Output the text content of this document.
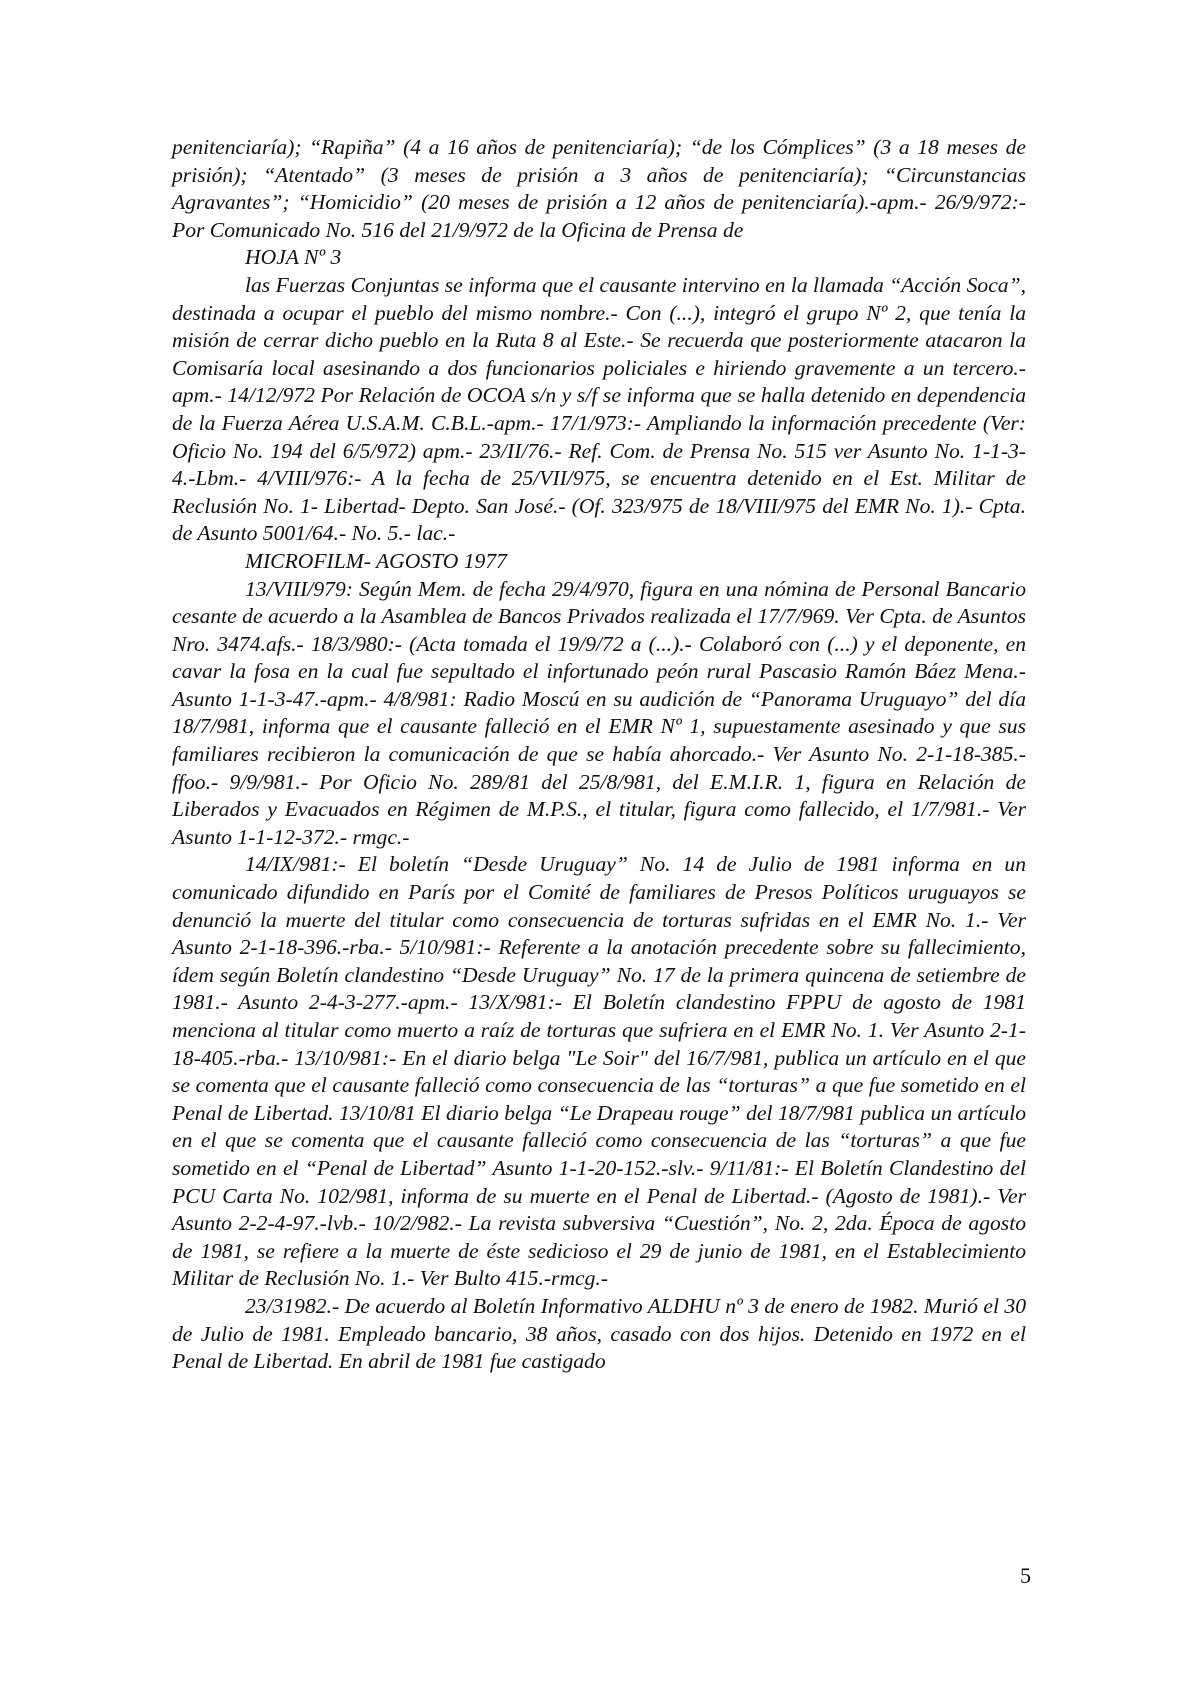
penitenciaría); “Rapiña” (4 a 16 años de penitenciaría); “de los Cómplices” (3 a 18 meses de prisión); “Atentado” (3 meses de prisión a 3 años de penitenciaría); “Circunstancias Agravantes”; “Homicidio” (20 meses de prisión a 12 años de penitenciaría).-apm.- 26/9/972:- Por Comunicado No. 516 del 21/9/972 de la Oficina de Prensa de

HOJA Nº 3

las Fuerzas Conjuntas se informa que el causante intervino en la llamada “Acción Soca”, destinada a ocupar el pueblo del mismo nombre.- Con (...), integró el grupo Nº 2, que tenía la misión de cerrar dicho pueblo en la Ruta 8 al Este.- Se recuerda que posteriormente atacaron la Comisaría local asesinando a dos funcionarios policiales e hiriendo gravemente a un tercero.- apm.- 14/12/972 Por Relación de OCOA s/n y s/f se informa que se halla detenido en dependencia de la Fuerza Aérea U.S.A.M. C.B.L.-apm.- 17/1/973:- Ampliando la información precedente (Ver: Oficio No. 194 del 6/5/972) apm.- 23/II/76.- Ref. Com. de Prensa No. 515 ver Asunto No. 1-1-3-4.-Lbm.- 4/VIII/976:- A la fecha de 25/VII/975, se encuentra detenido en el Est. Militar de Reclusión No. 1- Libertad- Depto. San José.- (Of. 323/975 de 18/VIII/975 del EMR No. 1).- Cpta. de Asunto 5001/64.- No. 5.- lac.-

MICROFILM- AGOSTO 1977

13/VIII/979: Según Mem. de fecha 29/4/970, figura en una nómina de Personal Bancario cesante de acuerdo a la Asamblea de Bancos Privados realizada el 17/7/969. Ver Cpta. de Asuntos Nro. 3474.afs.- 18/3/980:- (Acta tomada el 19/9/72 a (...).- Colaboró con (...) y el deponente, en cavar la fosa en la cual fue sepultado el infortunado peón rural Pascasio Ramón Báez Mena.- Asunto 1-1-3-47.-apm.- 4/8/981: Radio Moscú en su audición de “Panorama Uruguayo” del día 18/7/981, informa que el causante falleció en el EMR Nº 1, supuestamente asesinado y que sus familiares recibieron la comunicación de que se había ahorcado.- Ver Asunto No. 2-1-18-385.-ffoo.- 9/9/981.- Por Oficio No. 289/81 del 25/8/981, del E.M.I.R. 1, figura en Relación de Liberados y Evacuados en Régimen de M.P.S., el titular, figura como fallecido, el 1/7/981.- Ver Asunto 1-1-12-372.- rmgc.-

14/IX/981:- El boletín “Desde Uruguay” No. 14 de Julio de 1981 informa en un comunicado difundido en París por el Comité de familiares de Presos Políticos uruguayos se denunció la muerte del titular como consecuencia de torturas sufridas en el EMR No. 1.- Ver Asunto 2-1-18-396.-rba.- 5/10/981:- Referente a la anotación precedente sobre su fallecimiento, ídem según Boletín clandestino “Desde Uruguay” No. 17 de la primera quincena de setiembre de 1981.- Asunto 2-4-3-277.-apm.- 13/X/981:- El Boletín clandestino FPPU de agosto de 1981 menciona al titular como muerto a raíz de torturas que sufriera en el EMR No. 1. Ver Asunto 2-1-18-405.-rba.- 13/10/981:- En el diario belga "Le Soir" del 16/7/981, publica un artículo en el que se comenta que el causante falleció como consecuencia de las “torturas” a que fue sometido en el Penal de Libertad. 13/10/81 El diario belga “Le Drapeau rouge” del 18/7/981 publica un artículo en el que se comenta que el causante falleció como consecuencia de las “torturas” a que fue sometido en el “Penal de Libertad” Asunto 1-1-20-152.-slv.- 9/11/81:- El Boletín Clandestino del PCU Carta No. 102/981, informa de su muerte en el Penal de Libertad.- (Agosto de 1981).- Ver Asunto 2-2-4-97.-lvb.- 10/2/982.- La revista subversiva “Cuestión”, No. 2, 2da. Época de agosto de 1981, se refiere a la muerte de éste sedicioso el 29 de junio de 1981, en el Establecimiento Militar de Reclusión No. 1.- Ver Bulto 415.-rmcg.-

23/31982.- De acuerdo al Boletín Informativo ALDHU nº 3 de enero de 1982. Murió el 30 de Julio de 1981. Empleado bancario, 38 años, casado con dos hijos. Detenido en 1972 en el Penal de Libertad. En abril de 1981 fue castigado

5
